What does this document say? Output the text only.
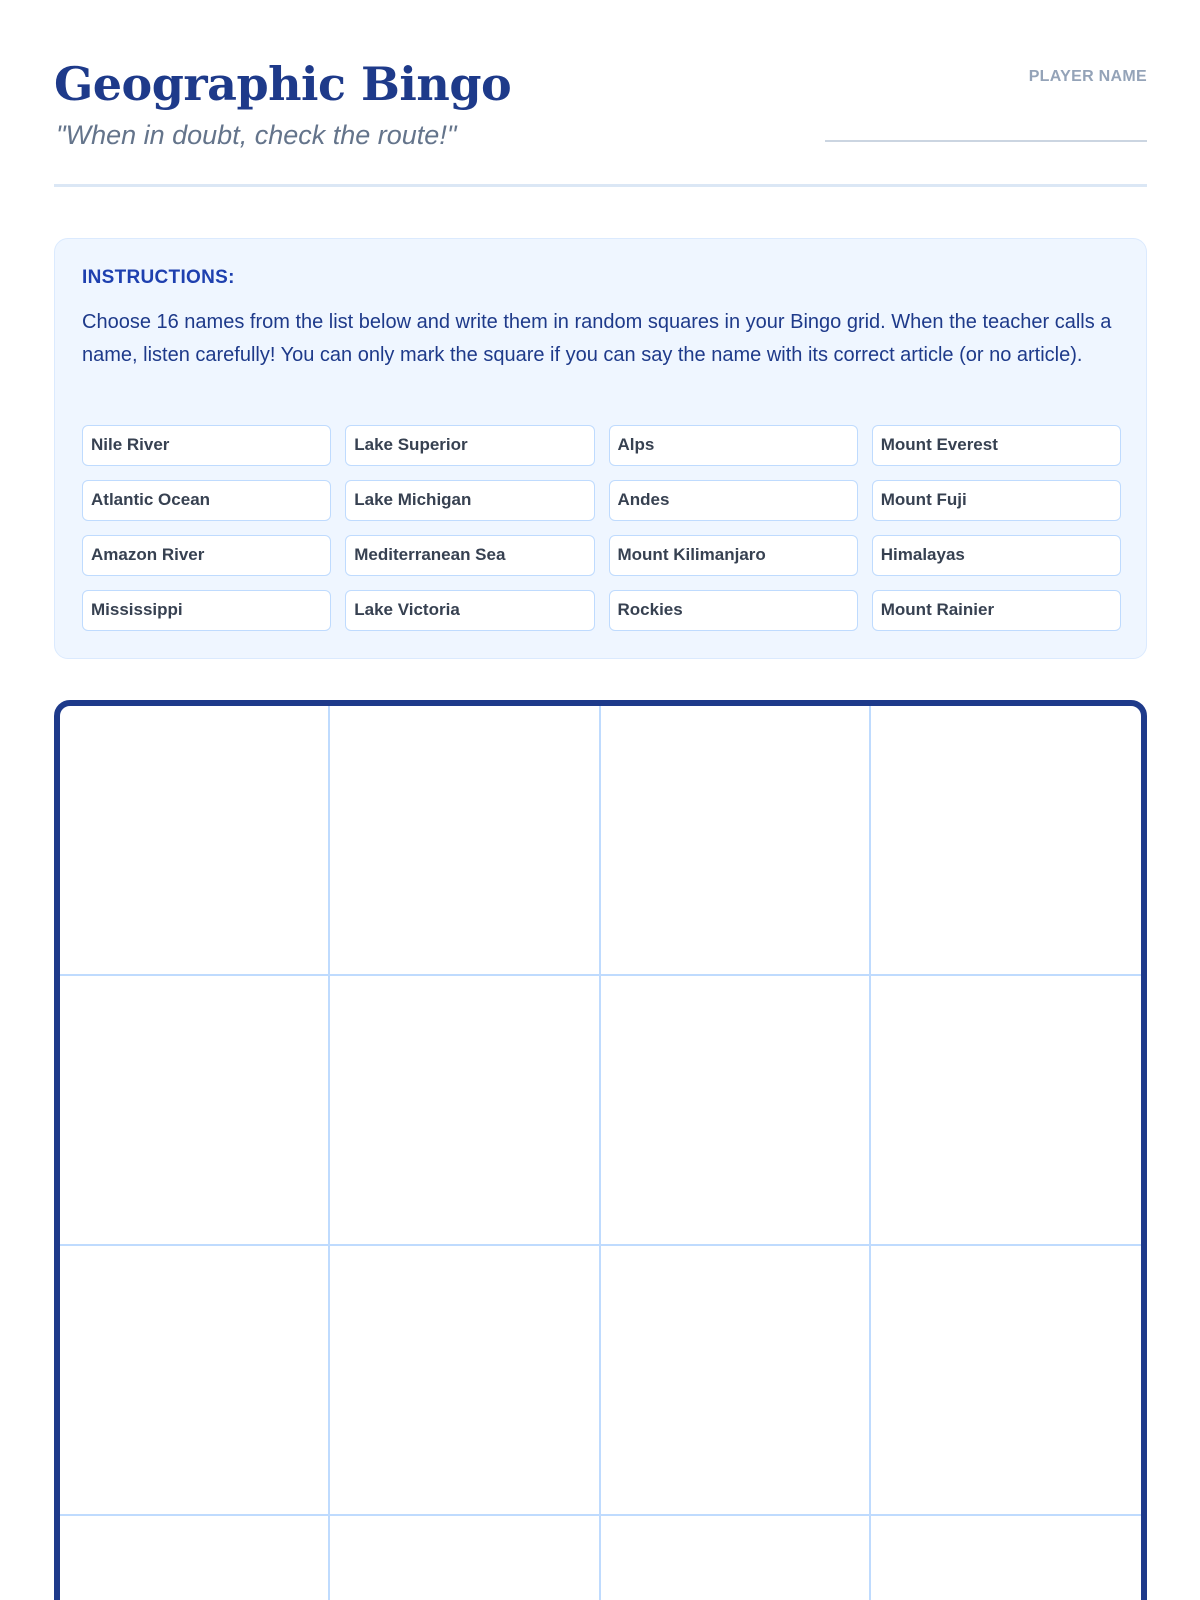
Geographic Bingo

"When in doubt, check the route!"

PLAYER NAME
INSTRUCTIONS:

Choose 16 names from the list below and write them in random squares in your Bingo grid. When the teacher calls a name, listen carefully! You can only mark the square if you can say the name with its correct article (or no article).

Nile River	Lake Superior	Alps	Mount Everest
Atlantic Ocean	Lake Michigan	Andes	Mount Fuji
Amazon River	Mediterranean Sea	Mount Kilimanjaro	Himalayas
Mississippi	Lake Victoria	Rockies	Mount Rainier
